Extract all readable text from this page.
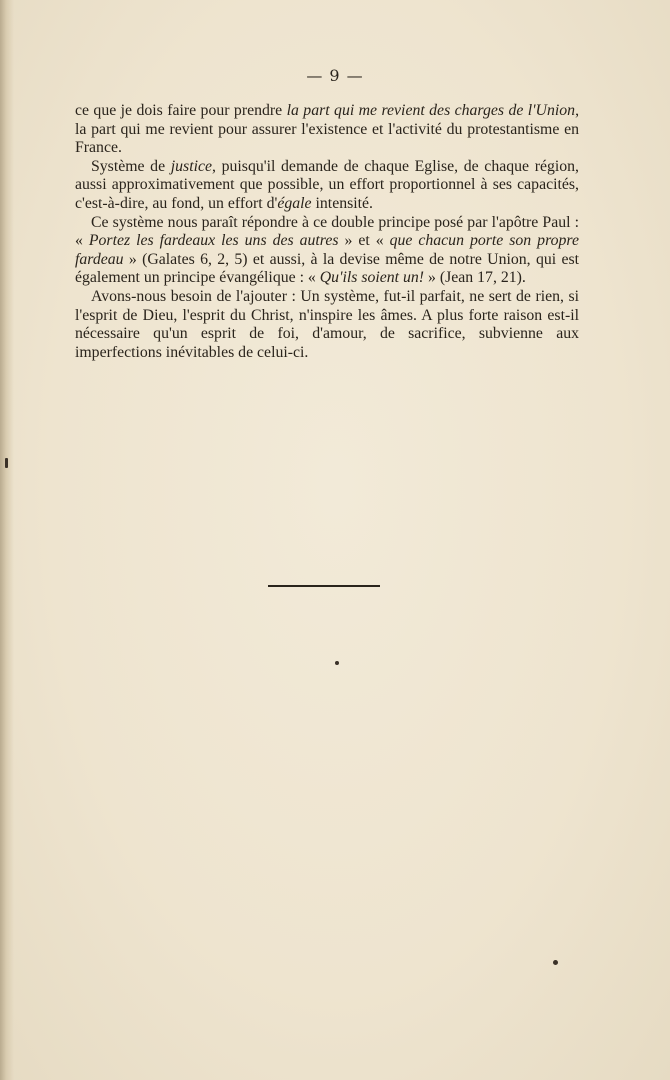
— 9 —

ce que je dois faire pour prendre la part qui me revient des charges de l'Union, la part qui me revient pour assurer l'existence et l'activité du protestantisme en France.

Système de justice, puisqu'il demande de chaque Eglise, de chaque région, aussi approximativement que possible, un effort proportionnel à ses capacités, c'est-à-dire, au fond, un effort d'égale intensité.

Ce système nous paraît répondre à ce double principe posé par l'apôtre Paul : « Portez les fardeaux les uns des autres » et « que chacun porte son propre fardeau » (Galates 6, 2, 5) et aussi, à la devise même de notre Union, qui est également un principe évangélique : « Qu'ils soient un! » (Jean 17, 21).

Avons-nous besoin de l'ajouter : Un système, fut-il parfait, ne sert de rien, si l'esprit de Dieu, l'esprit du Christ, n'inspire les âmes. A plus forte raison est-il nécessaire qu'un esprit de foi, d'amour, de sacrifice, subvienne aux imperfections inévitables de celui-ci.
